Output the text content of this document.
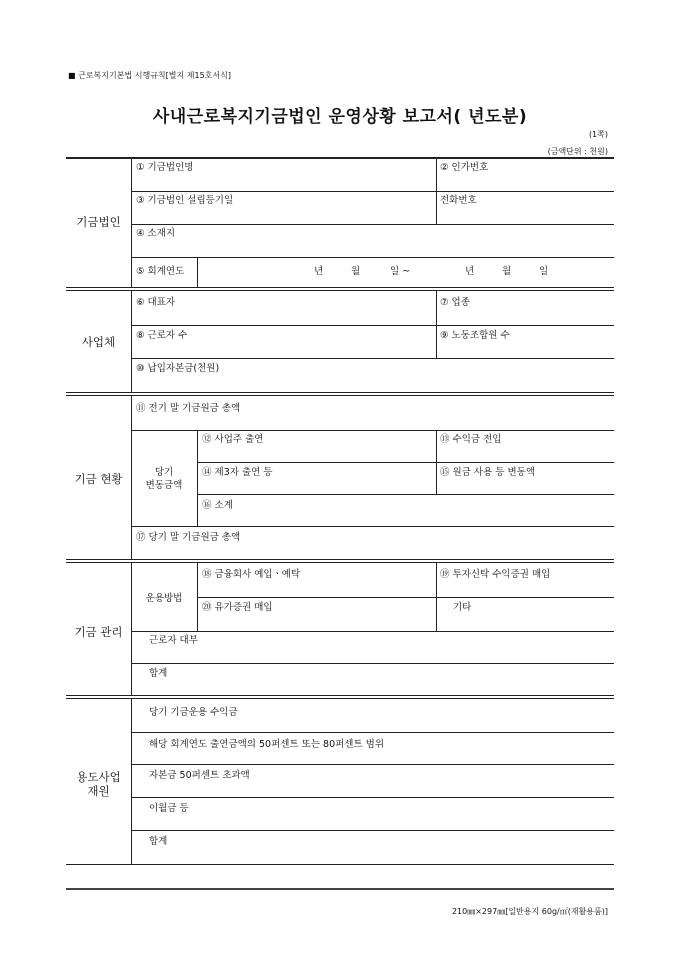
■ 근로복지기본법 시행규칙[별지 제15호서식]
사내근로복지기금법인 운영상황 보고서( 년도분)
(1쪽)
(금액단위 : 천원)
기금법인
① 기금법인명	② 인가번호
③ 기금법인 설립등기일	전화번호
④ 소재지
⑤ 회계연도	년	월	일 ~	년	월	일
사업체
⑥ 대표자	⑦ 업종
⑧ 근로자 수	⑨ 노동조합원 수
⑩ 납입자본금(천원)
기금 현황
⑪ 전기 말 기금원금 총액
당기
변동금액
⑫ 사업주 출연	⑬ 수익금 전입
⑭ 제3자 출연 등	⑮ 원금 사용 등 변동액
⑯ 소계
⑰ 당기 말 기금원금 총액
기금 관리
운용방법
⑱ 금융회사 예입ㆍ예탁	⑲ 투자신탁 수익증권 매입
⑳ 유가증권 매입	기타
근로자 대부
합계
용도사업
재원
당기 기금운용 수익금
해당 회계연도 출연금액의 50퍼센트 또는 80퍼센트 범위
자본금 50퍼센트 초과액
이월금 등
합계
210㎜×297㎜[일반용지 60g/㎡(재활용품)]
